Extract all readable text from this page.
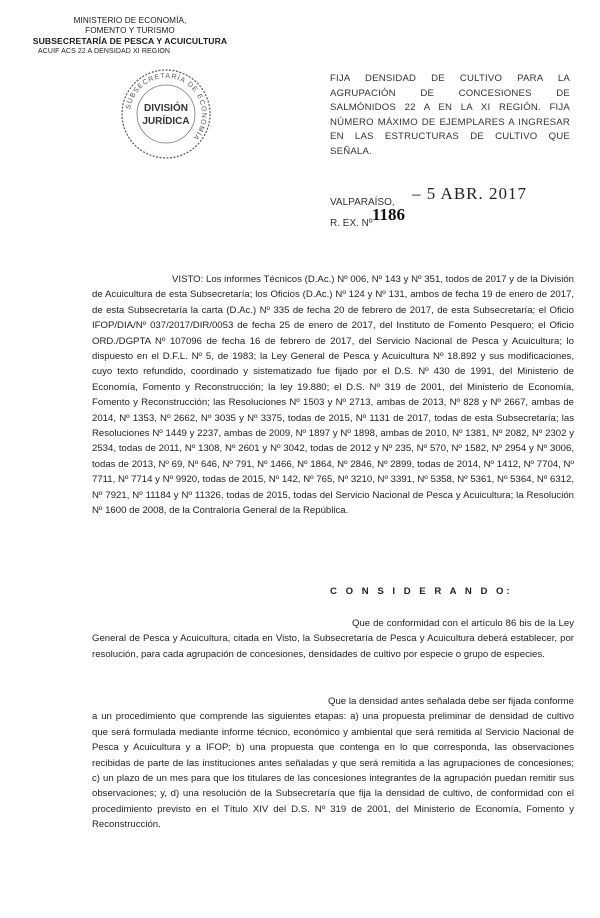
MINISTERIO DE ECONOMÍA,
FOMENTO Y TURISMO
SUBSECRETARÍA DE PESCA Y ACUICULTURA
ACUIF ACS 22 A DENSIDAD XI REGION
SUBSECRETARÍA DE ECONOMÍA
DIVISIÓN
JURÍDICA
FIJA DENSIDAD DE CULTIVO PARA LA AGRUPACIÓN DE CONCESIONES DE SALMÓNIDOS 22 A EN LA XI REGIÓN. FIJA NÚMERO MÁXIMO DE EJEMPLARES A INGRESAR EN LAS ESTRUCTURAS DE CULTIVO QUE SEÑALA.
VALPARAÍSO, – 5 ABR. 2017
R. EX. Nº 1186
VISTO: Los informes Técnicos (D.Ac.) Nº 006, Nº 143 y Nº 351, todos de 2017 y de la División de Acuicultura de esta Subsecretaría; los Oficios (D.Ac.) Nº 124 y Nº 131, ambos de fecha 19 de enero de 2017, de esta Subsecretaría la carta (D.Ac.) Nº 335 de fecha 20 de febrero de 2017, de esta Subsecretaría; el Oficio IFOP/DIA/Nº 037/2017/DIR/0053 de fecha 25 de enero de 2017, del Instituto de Fomento Pesquero; el Oficio ORD./DGPTA Nº 107096 de fecha 16 de febrero de 2017, del Servicio Nacional de Pesca y Acuicultura; lo dispuesto en el D.F.L. Nº 5, de 1983; la Ley General de Pesca y Acuicultura Nº 18.892 y sus modificaciones, cuyo texto refundido, coordinado y sistematizado fue fijado por el D.S. Nº 430 de 1991, del Ministerio de Economía, Fomento y Reconstrucción; la ley 19.880; el D.S. Nº 319 de 2001, del Ministerio de Economía, Fomento y Reconstrucción; las Resoluciones Nº 1503 y Nº 2713, ambas de 2013, Nº 828 y Nº 2667, ambas de 2014, Nº 1353, Nº 2662, Nº 3035 y Nº 3375, todas de 2015, Nº 1131 de 2017, todas de esta Subsecretaría; las Resoluciones Nº 1449 y 2237, ambas de 2009, Nº 1897 y Nº 1898, ambas de 2010, Nº 1381, Nº 2082, Nº 2302 y 2534, todas de 2011, Nº 1308, Nº 2601 y Nº 3042, todas de 2012 y Nº 235, Nº 570, Nº 1582, Nº 2954 y Nº 3006, todas de 2013, Nº 69, Nº 646, Nº 791, Nº 1466, Nº 1864, Nº 2846, Nº 2899, todas de 2014, Nº 1412, Nº 7704, Nº 7711, Nº 7714 y Nº 9920, todas de 2015, Nº 142, Nº 765, Nº 3210, Nº 3391, Nº 5358, Nº 5361, Nº 5364, Nº 6312, Nº 7921, Nº 11184 y Nº 11326, todas de 2015, todas del Servicio Nacional de Pesca y Acuicultura; la Resolución Nº 1600 de 2008, de la Contraloría General de la República.
C O N S I D E R A N D O:
Que de conformidad con el artículo 86 bis de la Ley General de Pesca y Acuicultura, citada en Visto, la Subsecretaría de Pesca y Acuicultura deberá establecer, por resolución, para cada agrupación de concesiones, densidades de cultivo por especie o grupo de especies.
Que la densidad antes señalada debe ser fijada conforme a un procedimiento que comprende las siguientes etapas: a) una propuesta preliminar de densidad de cultivo que será formulada mediante informe técnico, económico y ambiental que será remitida al Servicio Nacional de Pesca y Acuicultura y a IFOP; b) una propuesta que contenga en lo que corresponda, las observaciones recibidas de parte de las instituciones antes señaladas y que será remitida a las agrupaciones de concesiones; c) un plazo de un mes para que los titulares de las concesiones integrantes de la agrupación puedan remitir sus observaciones; y, d) una resolución de la Subsecretaría que fija la densidad de cultivo, de conformidad con el procedimiento previsto en el Título XIV del D.S. Nº 319 de 2001, del Ministerio de Economía, Fomento y Reconstrucción.
